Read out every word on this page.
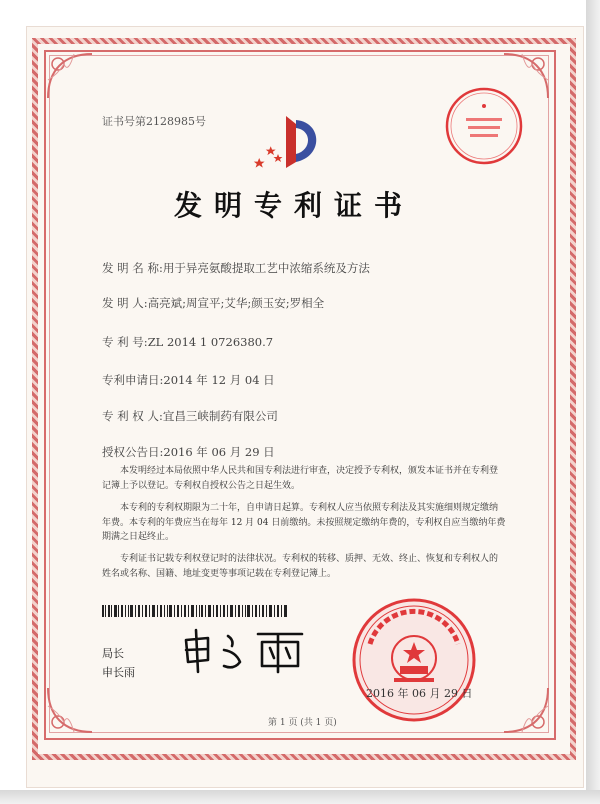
证书号第2128985号
发明专利证书
发 明 名 称:用于异亮氨酸提取工艺中浓缩系统及方法
发 明 人:高亮斌;周宣平;艾华;颜玉安;罗相全
专 利 号:ZL 2014 1 0726380.7
专利申请日:2014 年 12 月 04 日
专 利 权 人:宜昌三峡制药有限公司
授权公告日:2016 年 06 月 29 日
本发明经过本局依照中华人民共和国专利法进行审查，决定授予专利权，颁发本证书并在专利登记簿上予以登记。专利权自授权公告之日起生效。
本专利的专利权期限为二十年，自申请日起算。专利权人应当依照专利法及其实施细则规定缴纳年费。本专利的年费应当在每年 12 月 04 日前缴纳。未按照规定缴纳年费的，专利权自应当缴纳年费期满之日起终止。
专利证书记载专利权登记时的法律状况。专利权的转移、质押、无效、终止、恢复和专利权人的姓名或名称、国籍、地址变更等事项记载在专利登记簿上。
局长
申长雨
2016 年 06 月 29 日
第 1 页 (共 1 页)
